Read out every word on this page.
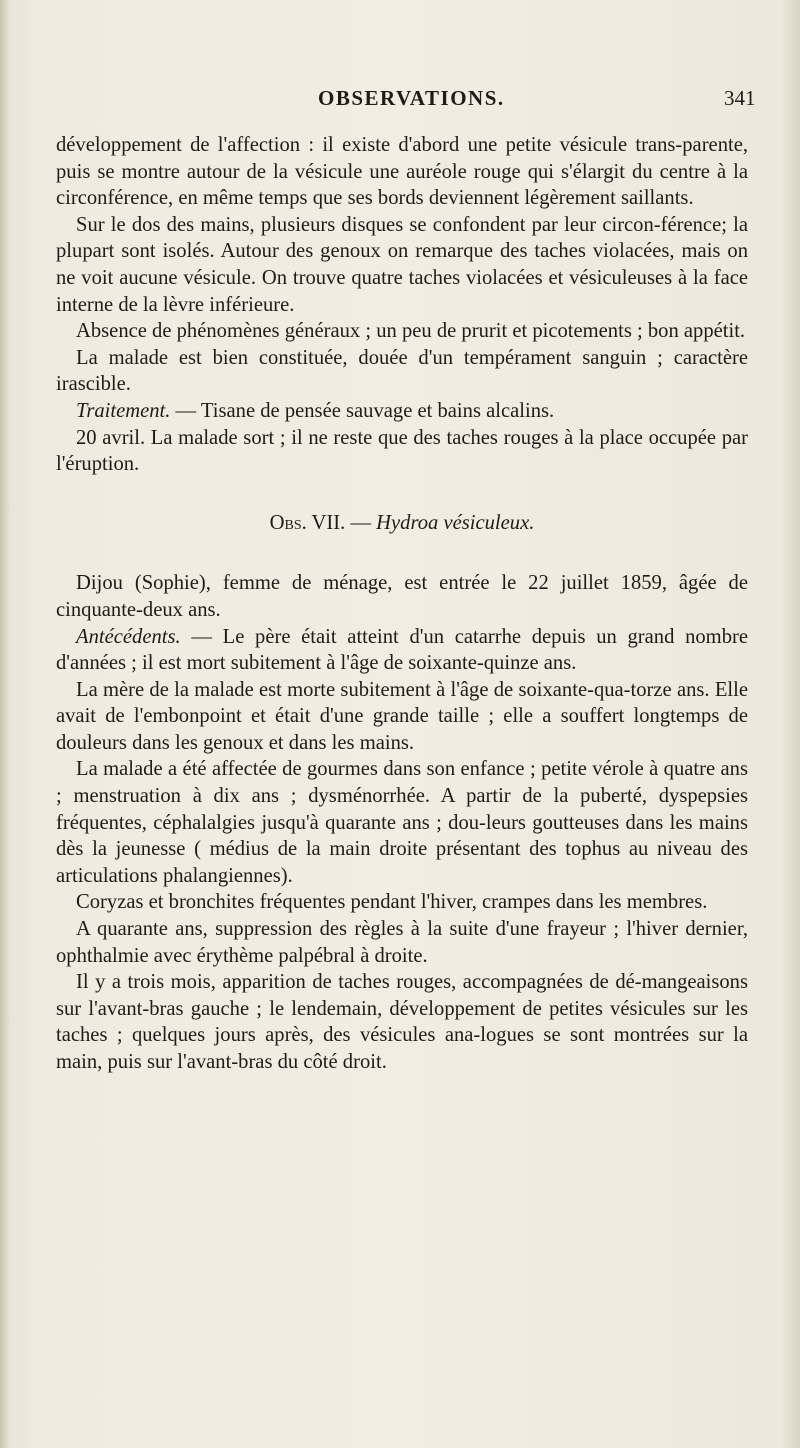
OBSERVATIONS.	341

développement de l'affection : il existe d'abord une petite vésicule trans-parente, puis se montre autour de la vésicule une auréole rouge qui s'élargit du centre à la circonférence, en même temps que ses bords deviennent légèrement saillants.

Sur le dos des mains, plusieurs disques se confondent par leur circon-férence; la plupart sont isolés. Autour des genoux on remarque des taches violacées, mais on ne voit aucune vésicule. On trouve quatre taches violacées et vésiculeuses à la face interne de la lèvre inférieure.

Absence de phénomènes généraux ; un peu de prurit et picotements ; bon appétit.

La malade est bien constituée, douée d'un tempérament sanguin ; caractère irascible.

Traitement. — Tisane de pensée sauvage et bains alcalins.

20 avril. La malade sort ; il ne reste que des taches rouges à la place occupée par l'éruption.

Obs. VII. — Hydroa vésiculeux.

Dijou (Sophie), femme de ménage, est entrée le 22 juillet 1859, âgée de cinquante-deux ans.

Antécédents. — Le père était atteint d'un catarrhe depuis un grand nombre d'années ; il est mort subitement à l'âge de soixante-quinze ans.

La mère de la malade est morte subitement à l'âge de soixante-qua-torze ans. Elle avait de l'embonpoint et était d'une grande taille ; elle a souffert longtemps de douleurs dans les genoux et dans les mains.

La malade a été affectée de gourmes dans son enfance ; petite vérole à quatre ans ; menstruation à dix ans ; dysménorrhée. A partir de la puberté, dyspepsies fréquentes, céphalalgies jusqu'à quarante ans ; dou-leurs goutteuses dans les mains dès la jeunesse ( médius de la main droite présentant des tophus au niveau des articulations phalangiennes).

Coryzas et bronchites fréquentes pendant l'hiver, crampes dans les membres.

A quarante ans, suppression des règles à la suite d'une frayeur ; l'hiver dernier, ophthalmie avec érythème palpébral à droite.

Il y a trois mois, apparition de taches rouges, accompagnées de dé-mangeaisons sur l'avant-bras gauche ; le lendemain, développement de petites vésicules sur les taches ; quelques jours après, des vésicules ana-logues se sont montrées sur la main, puis sur l'avant-bras du côté droit.
